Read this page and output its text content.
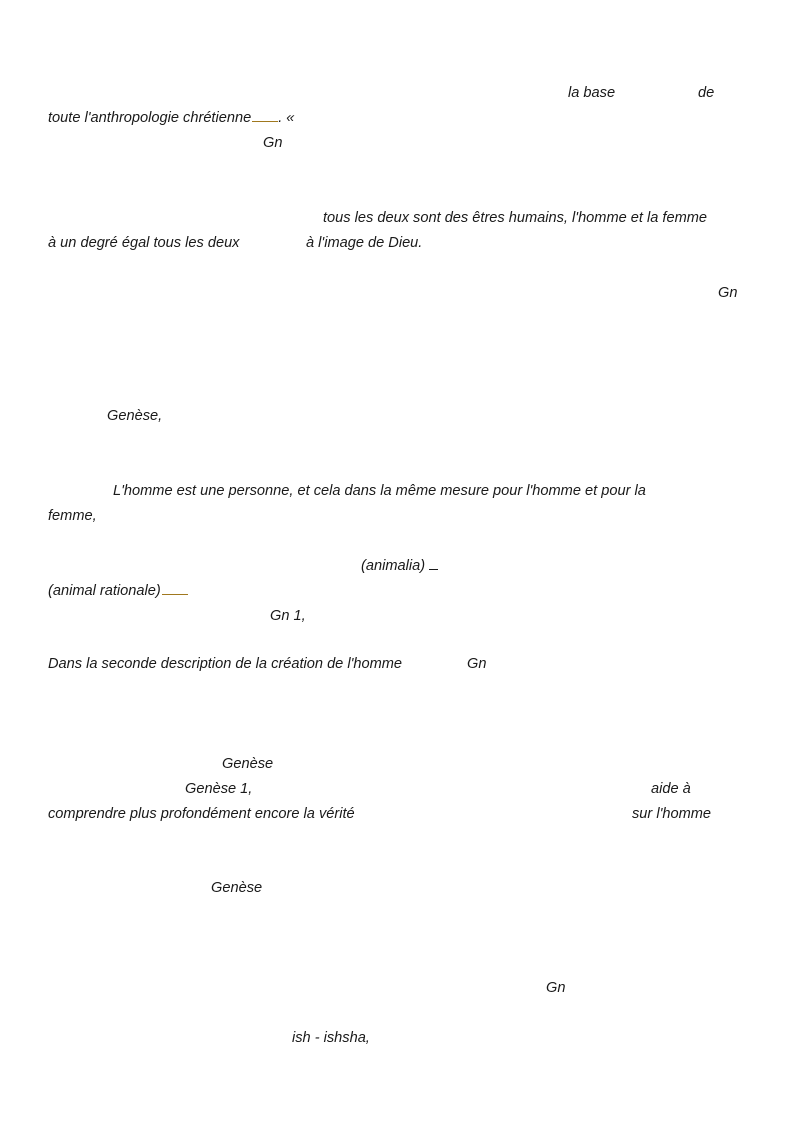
la base	de
toute l'anthropologie chrétienne . «
Gn
tous les deux sont des êtres humains, l'homme et la femme
à un degré égal tous les deux	à l'image de Dieu.
Gn
Genèse,
L'homme est une personne, et cela dans la même mesure pour l'homme et pour la
femme,
(animalia)
(animal rationale)
Gn 1,
Dans la seconde description de la création de l'homme	Gn
Genèse
Genèse 1,	aide à
comprendre plus profondément encore la vérité	sur l'homme
Genèse
Gn
ish - ishsha,
